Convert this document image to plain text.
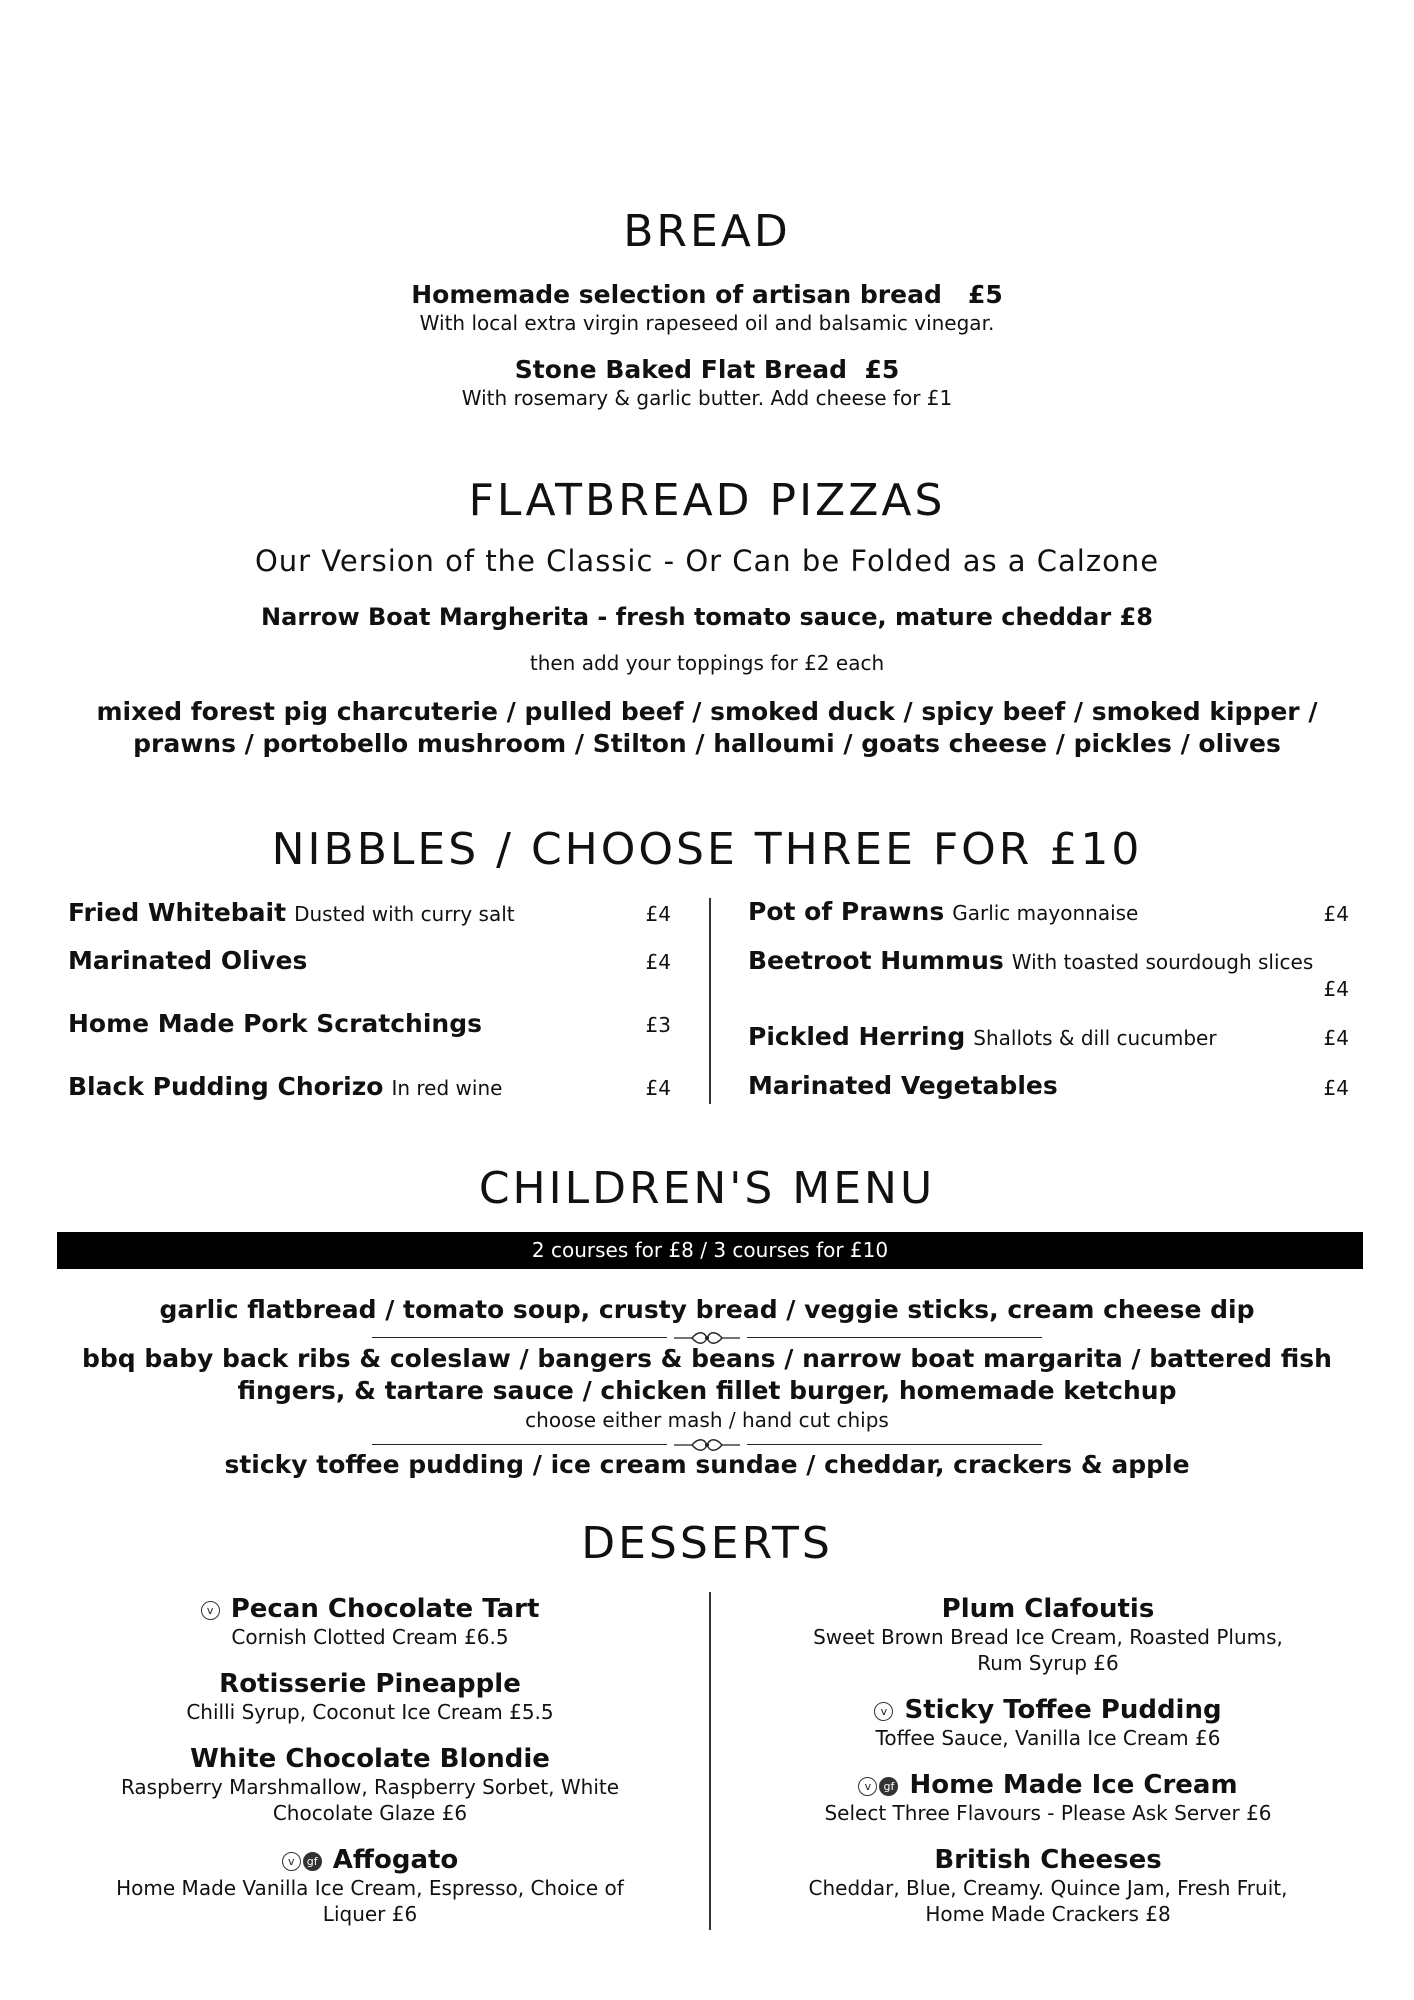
BREAD
Homemade selection of artisan bread £5
With local extra virgin rapeseed oil and balsamic vinegar.
Stone Baked Flat Bread £5
With rosemary & garlic butter. Add cheese for £1
FLATBREAD PIZZAS
Our Version of the Classic - Or Can be Folded as a Calzone
Narrow Boat Margherita - fresh tomato sauce, mature cheddar £8
then add your toppings for £2 each
mixed forest pig charcuterie / pulled beef / smoked duck / spicy beef / smoked kipper /
prawns / portobello mushroom / Stilton / halloumi / goats cheese / pickles / olives
NIBBLES / CHOOSE THREE FOR £10
Fried Whitebait Dusted with curry salt	£4
Marinated Olives	£4
Home Made Pork Scratchings	£3
Black Pudding Chorizo In red wine	£4
Pot of Prawns Garlic mayonnaise	£4
Beetroot Hummus With toasted sourdough slices
£4
Pickled Herring Shallots & dill cucumber	£4
Marinated Vegetables	£4
CHILDREN'S MENU
2 courses for £8 / 3 courses for £10
garlic flatbread / tomato soup, crusty bread / veggie sticks, cream cheese dip
bbq baby back ribs & coleslaw / bangers & beans / narrow boat margarita / battered fish
fingers, & tartare sauce / chicken fillet burger, homemade ketchup
choose either mash / hand cut chips
sticky toffee pudding / ice cream sundae / cheddar, crackers & apple
DESSERTS
v Pecan Chocolate Tart
Cornish Clotted Cream £6.5
Rotisserie Pineapple
Chilli Syrup, Coconut Ice Cream £5.5
White Chocolate Blondie
Raspberry Marshmallow, Raspberry Sorbet, White
Chocolate Glaze £6
v gf Affogato
Home Made Vanilla Ice Cream, Espresso, Choice of
Liquer £6
Plum Clafoutis
Sweet Brown Bread Ice Cream, Roasted Plums,
Rum Syrup £6
v Sticky Toffee Pudding
Toffee Sauce, Vanilla Ice Cream £6
v gf Home Made Ice Cream
Select Three Flavours - Please Ask Server £6
British Cheeses
Cheddar, Blue, Creamy. Quince Jam, Fresh Fruit,
Home Made Crackers £8
